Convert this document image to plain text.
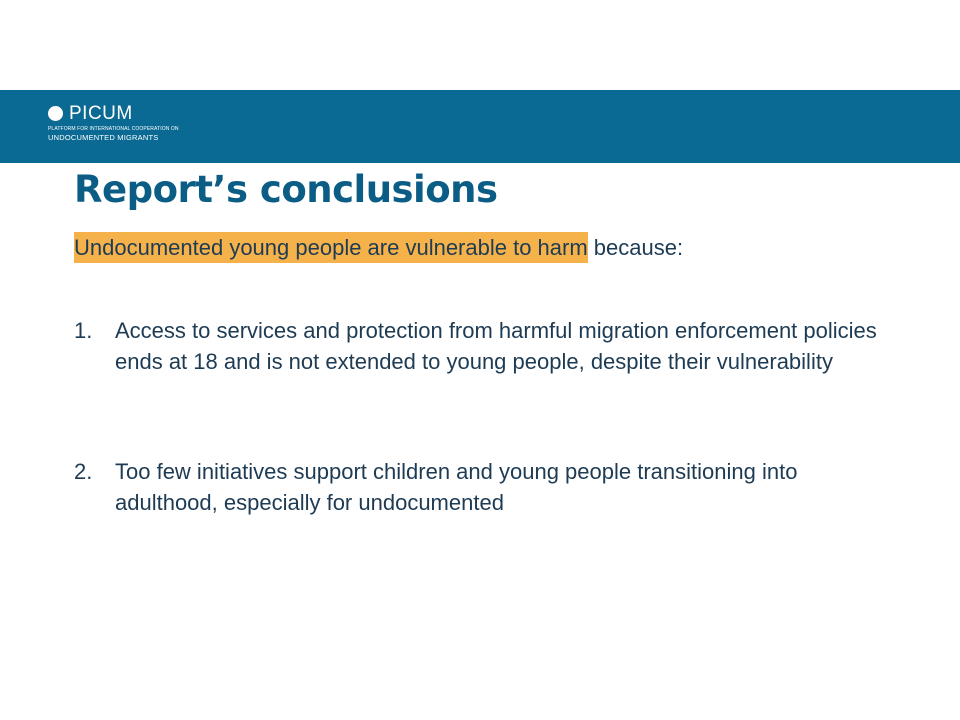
PICUM
PLATFORM FOR INTERNATIONAL COOPERATION ON
UNDOCUMENTED MIGRANTS
Report’s conclusions

Undocumented young people are vulnerable to harm because:

1.	Access to services and protection from harmful migration enforcement policies ends at 18 and is not extended to young people, despite their vulnerability
2.	Too few initiatives support children and young people transitioning into adulthood, especially for undocumented
